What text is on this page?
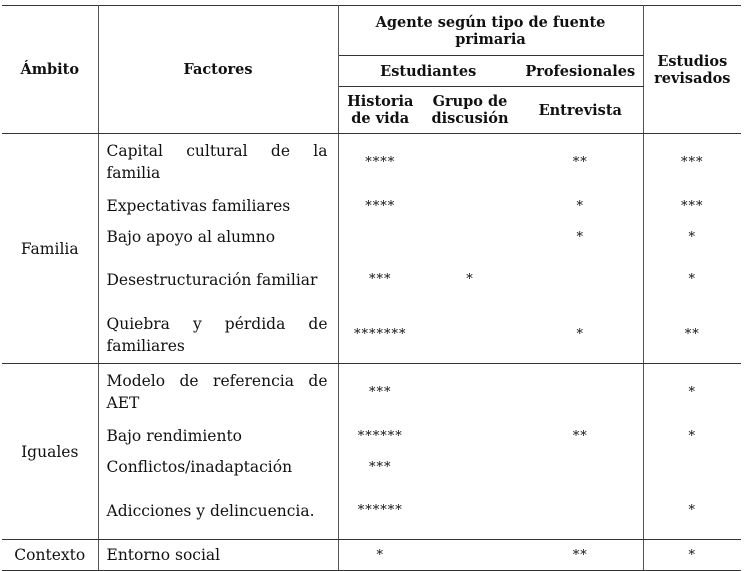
Ámbito	Factores	Agente según tipo de fuente primaria			Estudios revisados
		Estudiantes		Profesionales	
		Historia de vida	Grupo de discusión	Entrevista	
Familia	Capital cultural de la familia	****		**	***
	Expectativas familiares	****		*	***
	Bajo apoyo al alumno			*	*
	Desestructuración familiar	***	*		*
	Quiebra y pérdida de familiares	*******		*	**
Iguales	Modelo de referencia de AET	***			*
	Bajo rendimiento	******		**	*
	Conflictos/inadaptación	***			
	Adicciones y delincuencia.	******			*
Contexto	Entorno social	*		**	*
